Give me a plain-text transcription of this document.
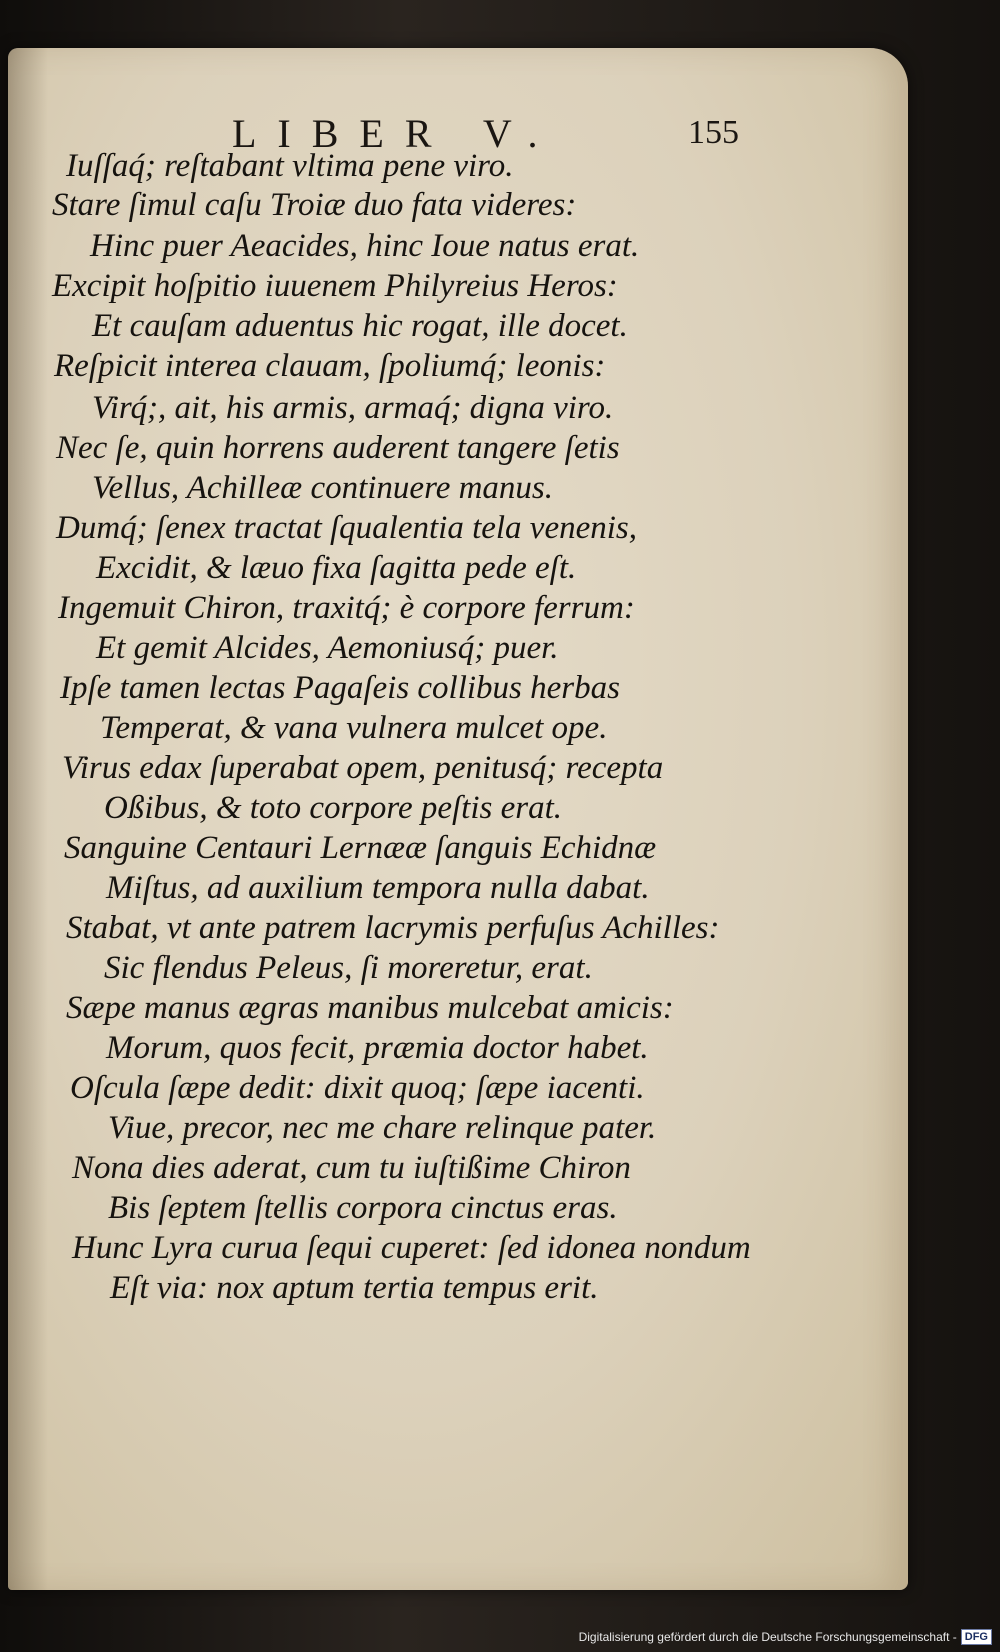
LIBER V.	155
Iuſſaq́; reſtabant vltima pene viro.
Stare ſimul caſu Troiæ duo fata videres:
Hinc puer Aeacides, hinc Ioue natus erat.
Excipit hoſpitio iuuenem Philyreius Heros:
Et cauſam aduentus hic rogat, ille docet.
Reſpicit interea clauam, ſpoliumq́; leonis:
Virq́;, ait, his armis, armaq́; digna viro.
Nec ſe, quin horrens auderent tangere ſetis
Vellus, Achilleæ continuere manus.
Dumq́; ſenex tractat ſqualentia tela venenis,
Excidit, & læuo fixa ſagitta pede eſt.
Ingemuit Chiron, traxitq́; è corpore ferrum:
Et gemit Alcides, Aemoniusq́; puer.
Ipſe tamen lectas Pagaſeis collibus herbas
Temperat, & vana vulnera mulcet ope.
Virus edax ſuperabat opem, penitusq́; recepta
Oßibus, & toto corpore peſtis erat.
Sanguine Centauri Lernææ ſanguis Echidnæ
Miſtus, ad auxilium tempora nulla dabat.
Stabat, vt ante patrem lacrymis perfuſus Achilles:
Sic flendus Peleus, ſi moreretur, erat.
Sæpe manus ægras manibus mulcebat amicis:
Morum, quos fecit, præmia doctor habet.
Oſcula ſæpe dedit: dixit quoq; ſæpe iacenti.
Viue, precor, nec me chare relinque pater.
Nona dies aderat, cum tu iuſtißime Chiron
Bis ſeptem ſtellis corpora cinctus eras.
Hunc Lyra curua ſequi cuperet: ſed idonea nondum
Eſt via: nox aptum tertia tempus erit.
Digitalisierung gefördert durch die Deutsche Forschungsgemeinschaft - DFG
